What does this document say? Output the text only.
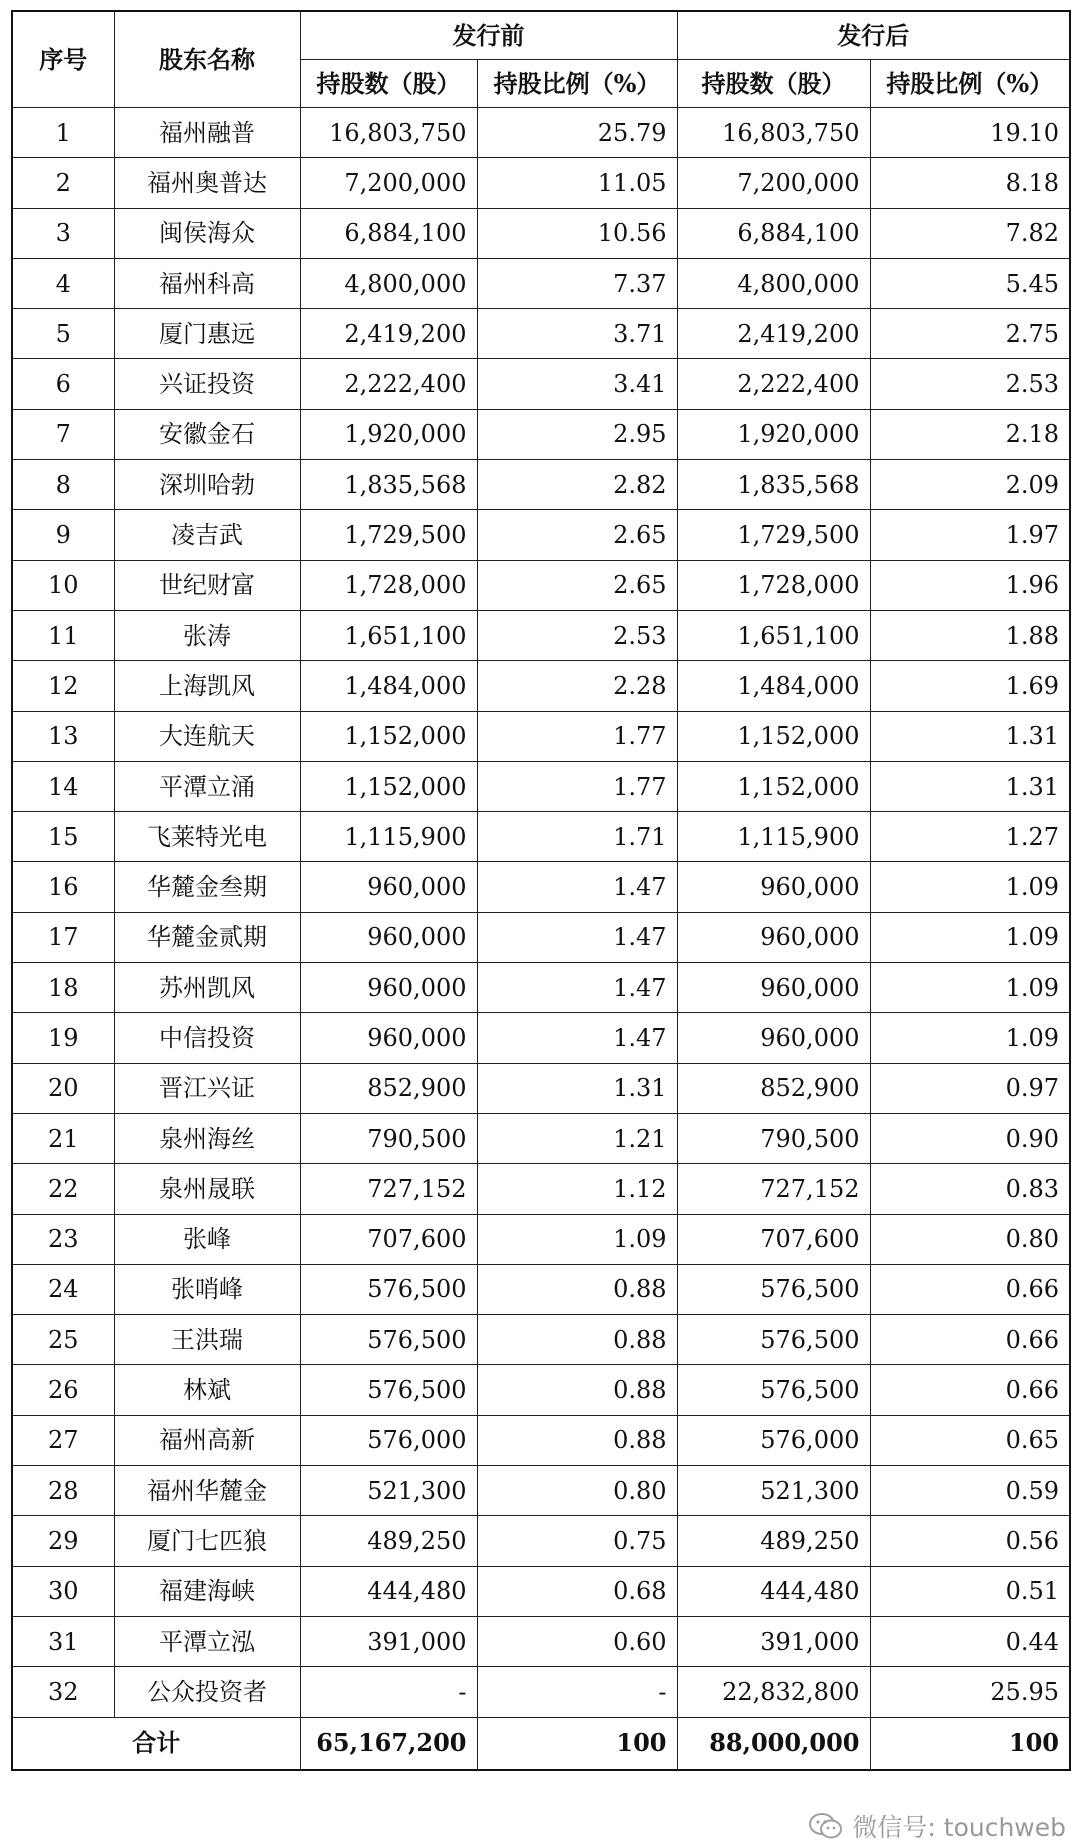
序号	股东名称	发行前		发行后	
		持股数（股）	持股比例（%）	持股数（股）	持股比例（%）
1	福州融普	16,803,750	25.79	16,803,750	19.10
2	福州奥普达	7,200,000	11.05	7,200,000	8.18
3	闽侯海众	6,884,100	10.56	6,884,100	7.82
4	福州科高	4,800,000	7.37	4,800,000	5.45
5	厦门惠远	2,419,200	3.71	2,419,200	2.75
6	兴证投资	2,222,400	3.41	2,222,400	2.53
7	安徽金石	1,920,000	2.95	1,920,000	2.18
8	深圳哈勃	1,835,568	2.82	1,835,568	2.09
9	凌吉武	1,729,500	2.65	1,729,500	1.97
10	世纪财富	1,728,000	2.65	1,728,000	1.96
11	张涛	1,651,100	2.53	1,651,100	1.88
12	上海凯风	1,484,000	2.28	1,484,000	1.69
13	大连航天	1,152,000	1.77	1,152,000	1.31
14	平潭立涌	1,152,000	1.77	1,152,000	1.31
15	飞莱特光电	1,115,900	1.71	1,115,900	1.27
16	华麓金叁期	960,000	1.47	960,000	1.09
17	华麓金贰期	960,000	1.47	960,000	1.09
18	苏州凯风	960,000	1.47	960,000	1.09
19	中信投资	960,000	1.47	960,000	1.09
20	晋江兴证	852,900	1.31	852,900	0.97
21	泉州海丝	790,500	1.21	790,500	0.90
22	泉州晟联	727,152	1.12	727,152	0.83
23	张峰	707,600	1.09	707,600	0.80
24	张哨峰	576,500	0.88	576,500	0.66
25	王洪瑞	576,500	0.88	576,500	0.66
26	林斌	576,500	0.88	576,500	0.66
27	福州高新	576,000	0.88	576,000	0.65
28	福州华麓金	521,300	0.80	521,300	0.59
29	厦门七匹狼	489,250	0.75	489,250	0.56
30	福建海峡	444,480	0.68	444,480	0.51
31	平潭立泓	391,000	0.60	391,000	0.44
32	公众投资者	-	-	22,832,800	25.95
合计		65,167,200	100	88,000,000	100
微信号: touchweb
